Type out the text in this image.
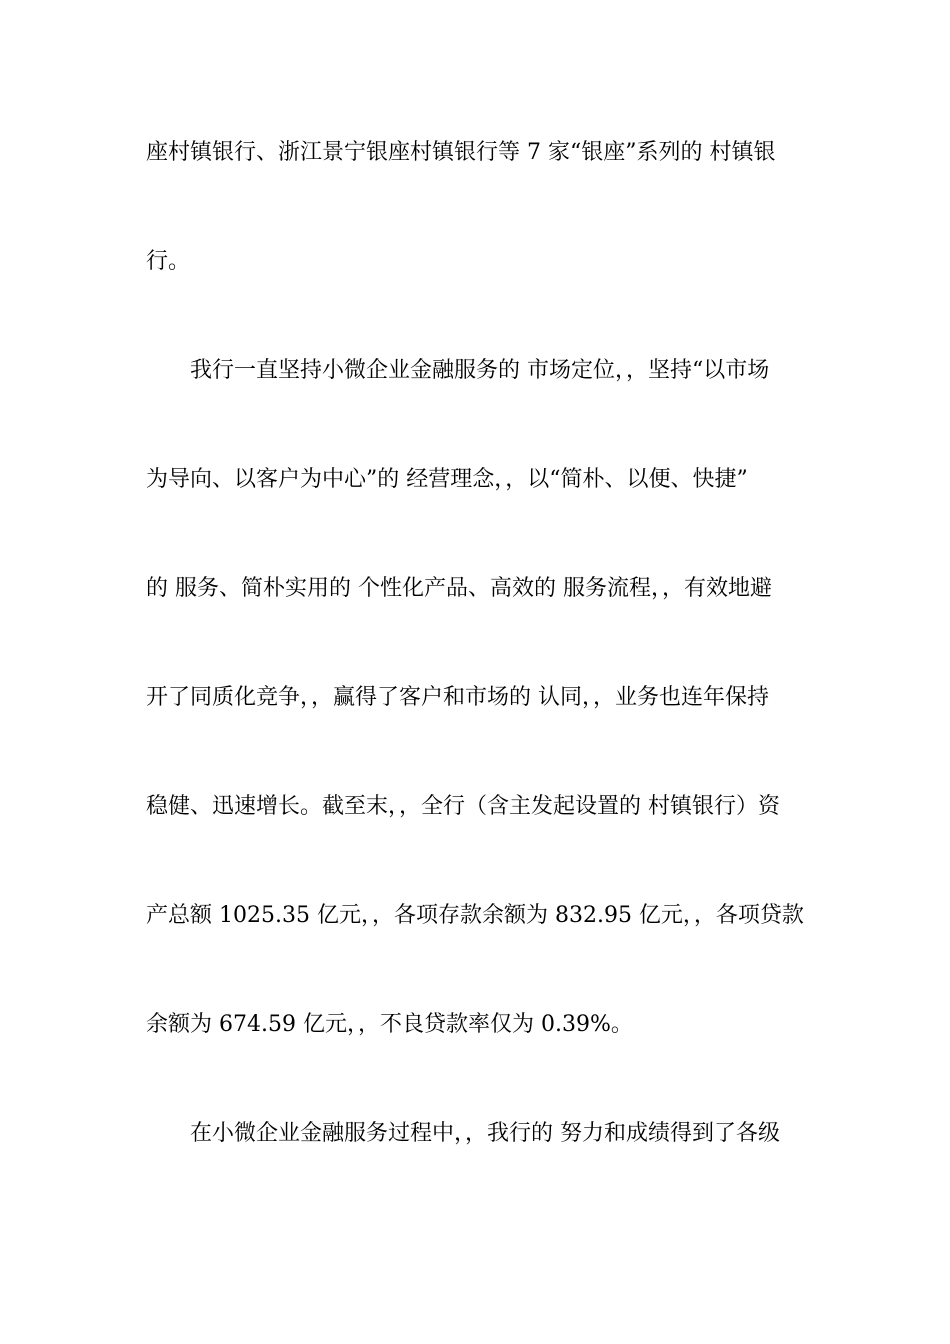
座村镇银行、浙江景宁银座村镇银行等 7 家“银座”系列的 村镇银
行。
我行一直坚持小微企业金融服务的 市场定位，，坚持“以市场
为导向、以客户为中心”的 经营理念，，以“简朴、以便、快捷”
的 服务、简朴实用的 个性化产品、高效的 服务流程，，有效地避
开了同质化竞争，，赢得了客户和市场的 认同，，业务也连年保持
稳健、迅速增长。截至末，，全行（含主发起设置的 村镇银行）资
产总额 1025.35 亿元，，各项存款余额为 832.95 亿元，，各项贷款
余额为 674.59 亿元，，不良贷款率仅为 0.39%。
在小微企业金融服务过程中，，我行的 努力和成绩得到了各级
